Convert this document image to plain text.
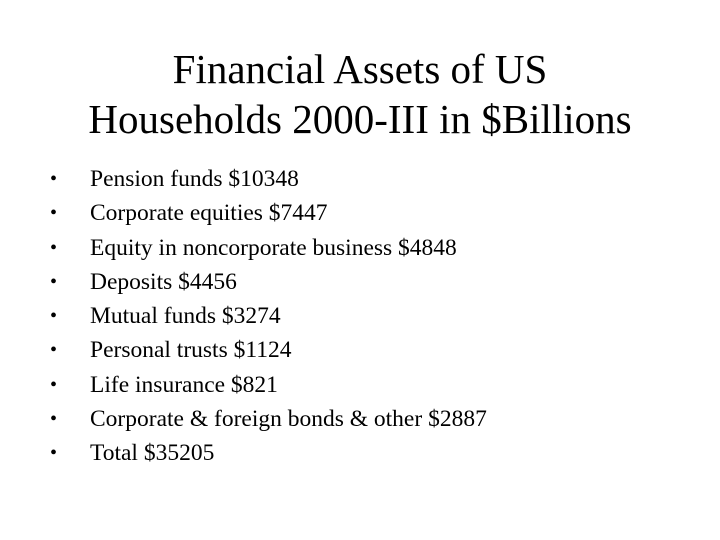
Financial Assets of US
Households 2000-III in $Billions
•	Pension funds $10348
•	Corporate equities $7447
•	Equity in noncorporate business $4848
•	Deposits $4456
•	Mutual funds $3274
•	Personal trusts $1124
•	Life insurance $821
•	Corporate & foreign bonds & other $2887
•	Total $35205
